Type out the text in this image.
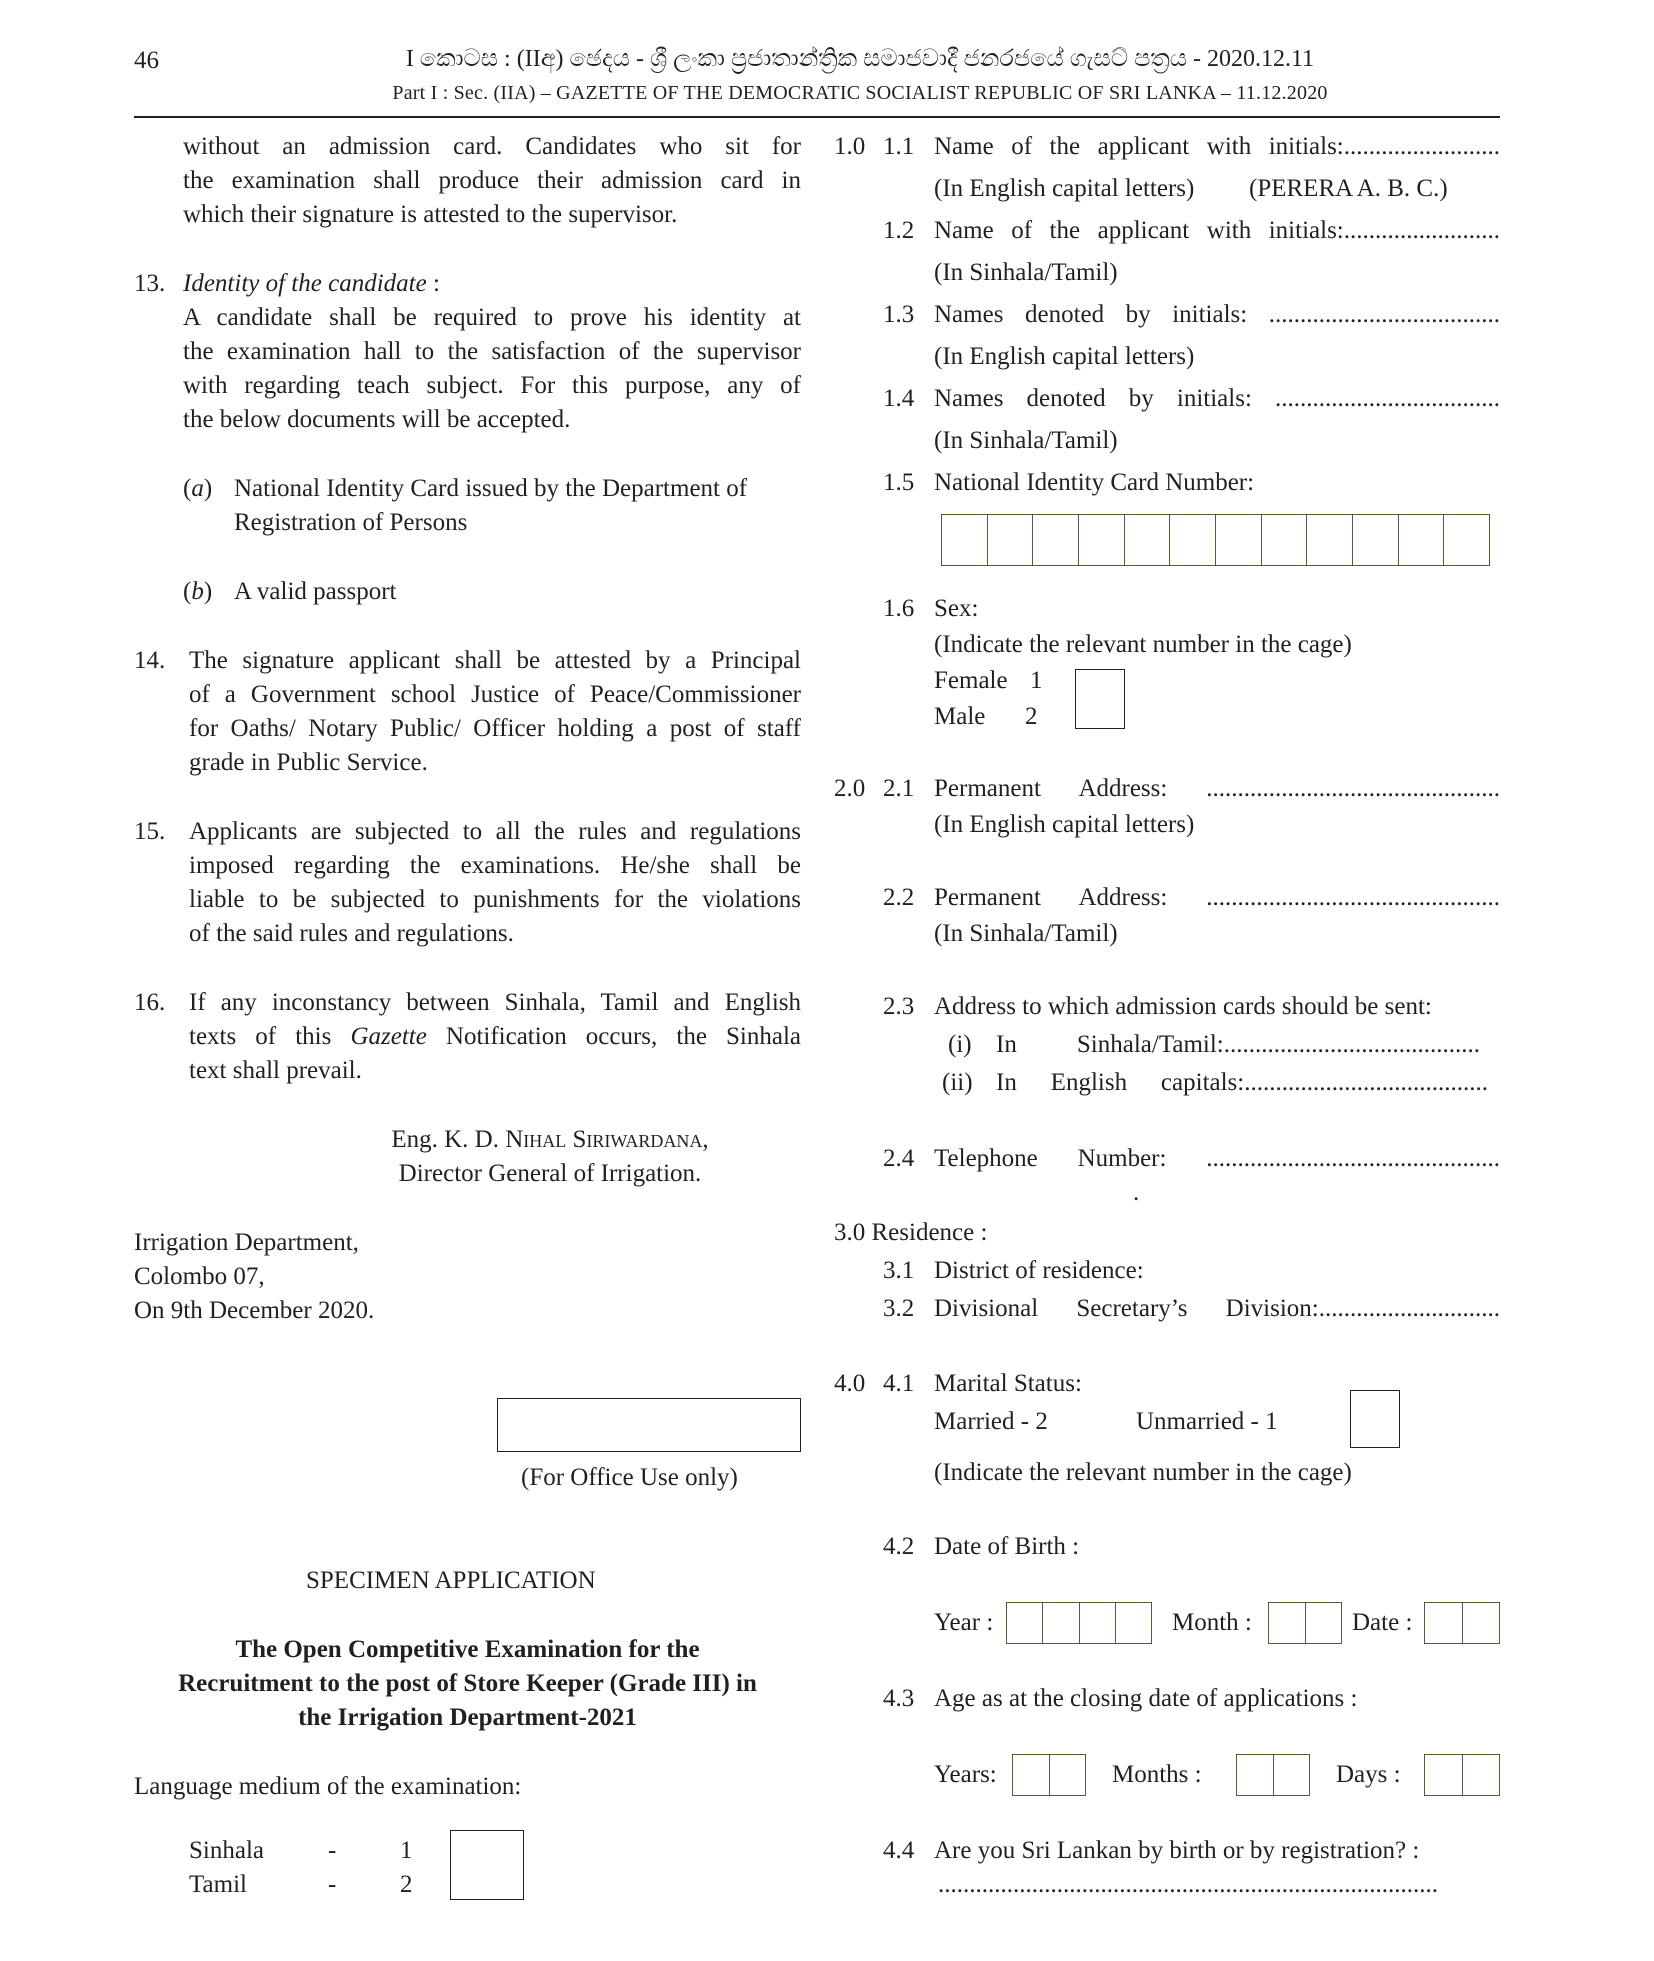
46	I කොටස : (IIඅ) ඡෙදය - ශ්‍රී ලංකා ප්‍රජාතාන්ත්‍රික සමාජවාදී ජනරජයේ ගැසට් පත්‍රය - 2020.12.11
Part I : Sec. (IIA) – GAZETTE OF THE DEMOCRATIC SOCIALIST REPUBLIC OF SRI LANKA – 11.12.2020
without an admission card. Candidates who sit for
the examination shall produce their admission card in
which their signature is attested to the supervisor.
13. Identity of the candidate :
A candidate shall be required to prove his identity at
the examination hall to the satisfaction of the supervisor
with regarding teach subject. For this purpose, any of
the below documents will be accepted.
(a) National Identity Card issued by the Department of
Registration of Persons
(b) A valid passport
14. The signature applicant shall be attested by a Principal
of a Government school Justice of Peace/Commissioner
for Oaths/ Notary Public/ Officer holding a post of staff
grade in Public Service.
15. Applicants are subjected to all the rules and regulations
imposed regarding the examinations. He/she shall be
liable to be subjected to punishments for the violations
of the said rules and regulations.
16. If any inconstancy between Sinhala, Tamil and English
texts of this Gazette Notification occurs, the Sinhala
text shall prevail.
Eng. K. D. Nihal Siriwardana,
Director General of Irrigation.
Irrigation Department,
Colombo 07,
On 9th December 2020.
(For Office Use only)
SPECIMEN APPLICATION
The Open Competitive Examination for the
Recruitment to the post of Store Keeper (Grade III) in
the Irrigation Department-2021
Language medium of the examination:
Sinhala	-	1
Tamil	-	2
1.0 1.1 Name of the applicant with initials:.........................
(In English capital letters) (PERERA A. B. C.)
1.2 Name of the applicant with initials:.........................
(In Sinhala/Tamil)
1.3 Names denoted by initials: .....................................
(In English capital letters)
1.4 Names denoted by initials: ....................................
(In Sinhala/Tamil)
1.5 National Identity Card Number:
1.6 Sex:
(Indicate the relevant number in the cage)
Female 1
Male 2
2.0 2.1 Permanent Address: ...............................................
(In English capital letters)
2.2 Permanent Address: ...............................................
(In Sinhala/Tamil)
2.3 Address to which admission cards should be sent:
(i) In Sinhala/Tamil:.........................................
(ii) In English capitals:.......................................
2.4 Telephone Number: ...............................................
.
3.0 Residence :
3.1 District of residence:
3.2 Divisional Secretary’s Division:.............................
4.0 4.1 Marital Status:
Married - 2	Unmarried - 1
(Indicate the relevant number in the cage)
4.2 Date of Birth :
Year :	Month :	Date :
4.3 Age as at the closing date of applications :
Years:	Months :	Days :
4.4 Are you Sri Lankan by birth or by registration? :
................................................................................
